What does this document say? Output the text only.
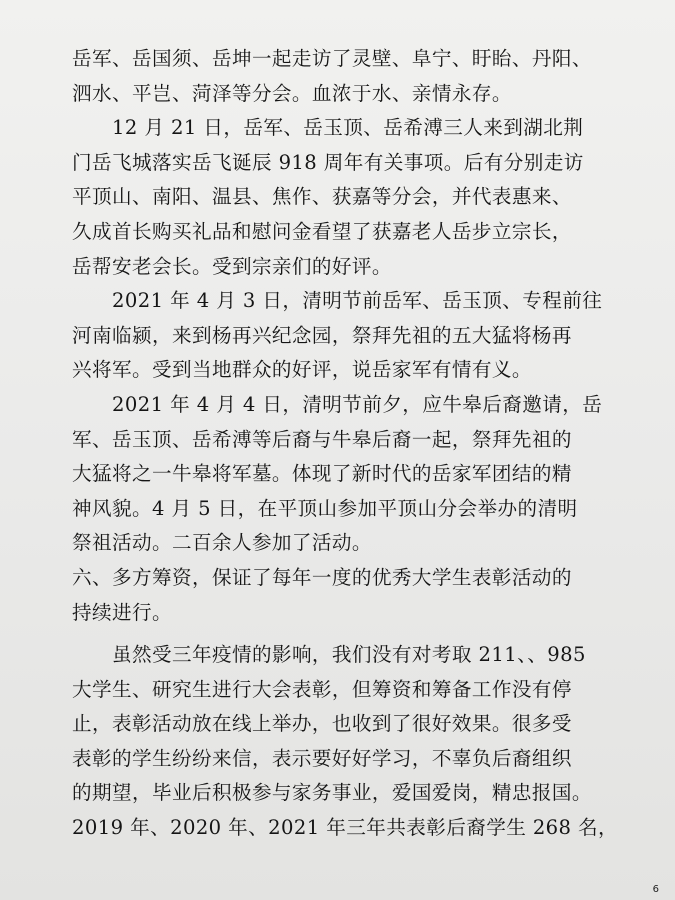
岳军、岳国须、岳坤一起走访了灵壁、阜宁、盱眙、丹阳、
泗水、平岂、菏泽等分会。血浓于水、亲情永存。
12 月 21 日，岳军、岳玉顶、岳希溥三人来到湖北荆
门岳飞城落实岳飞诞辰 918 周年有关事项。后有分别走访
平顶山、南阳、温县、焦作、获嘉等分会，并代表惠来、
久成首长购买礼品和慰问金看望了获嘉老人岳步立宗长，
岳帮安老会长。受到宗亲们的好评。
2021 年 4 月 3 日，清明节前岳军、岳玉顶、专程前往
河南临颍，来到杨再兴纪念园，祭拜先祖的五大猛将杨再
兴将军。受到当地群众的好评，说岳家军有情有义。
2021 年 4 月 4 日，清明节前夕，应牛皋后裔邀请，岳
军、岳玉顶、岳希溥等后裔与牛皋后裔一起，祭拜先祖的
大猛将之一牛皋将军墓。体现了新时代的岳家军团结的精
神风貌。4 月 5 日，在平顶山参加平顶山分会举办的清明
祭祖活动。二百余人参加了活动。
六、多方筹资，保证了每年一度的优秀大学生表彰活动的
持续进行。
虽然受三年疫情的影响，我们没有对考取 211、、985
大学生、研究生进行大会表彰，但筹资和筹备工作没有停
止，表彰活动放在线上举办，也收到了很好效果。很多受
表彰的学生纷纷来信，表示要好好学习，不辜负后裔组织
的期望，毕业后积极参与家务事业，爱国爱岗，精忠报国。
2019 年、2020 年、2021 年三年共表彰后裔学生 268 名，
6
